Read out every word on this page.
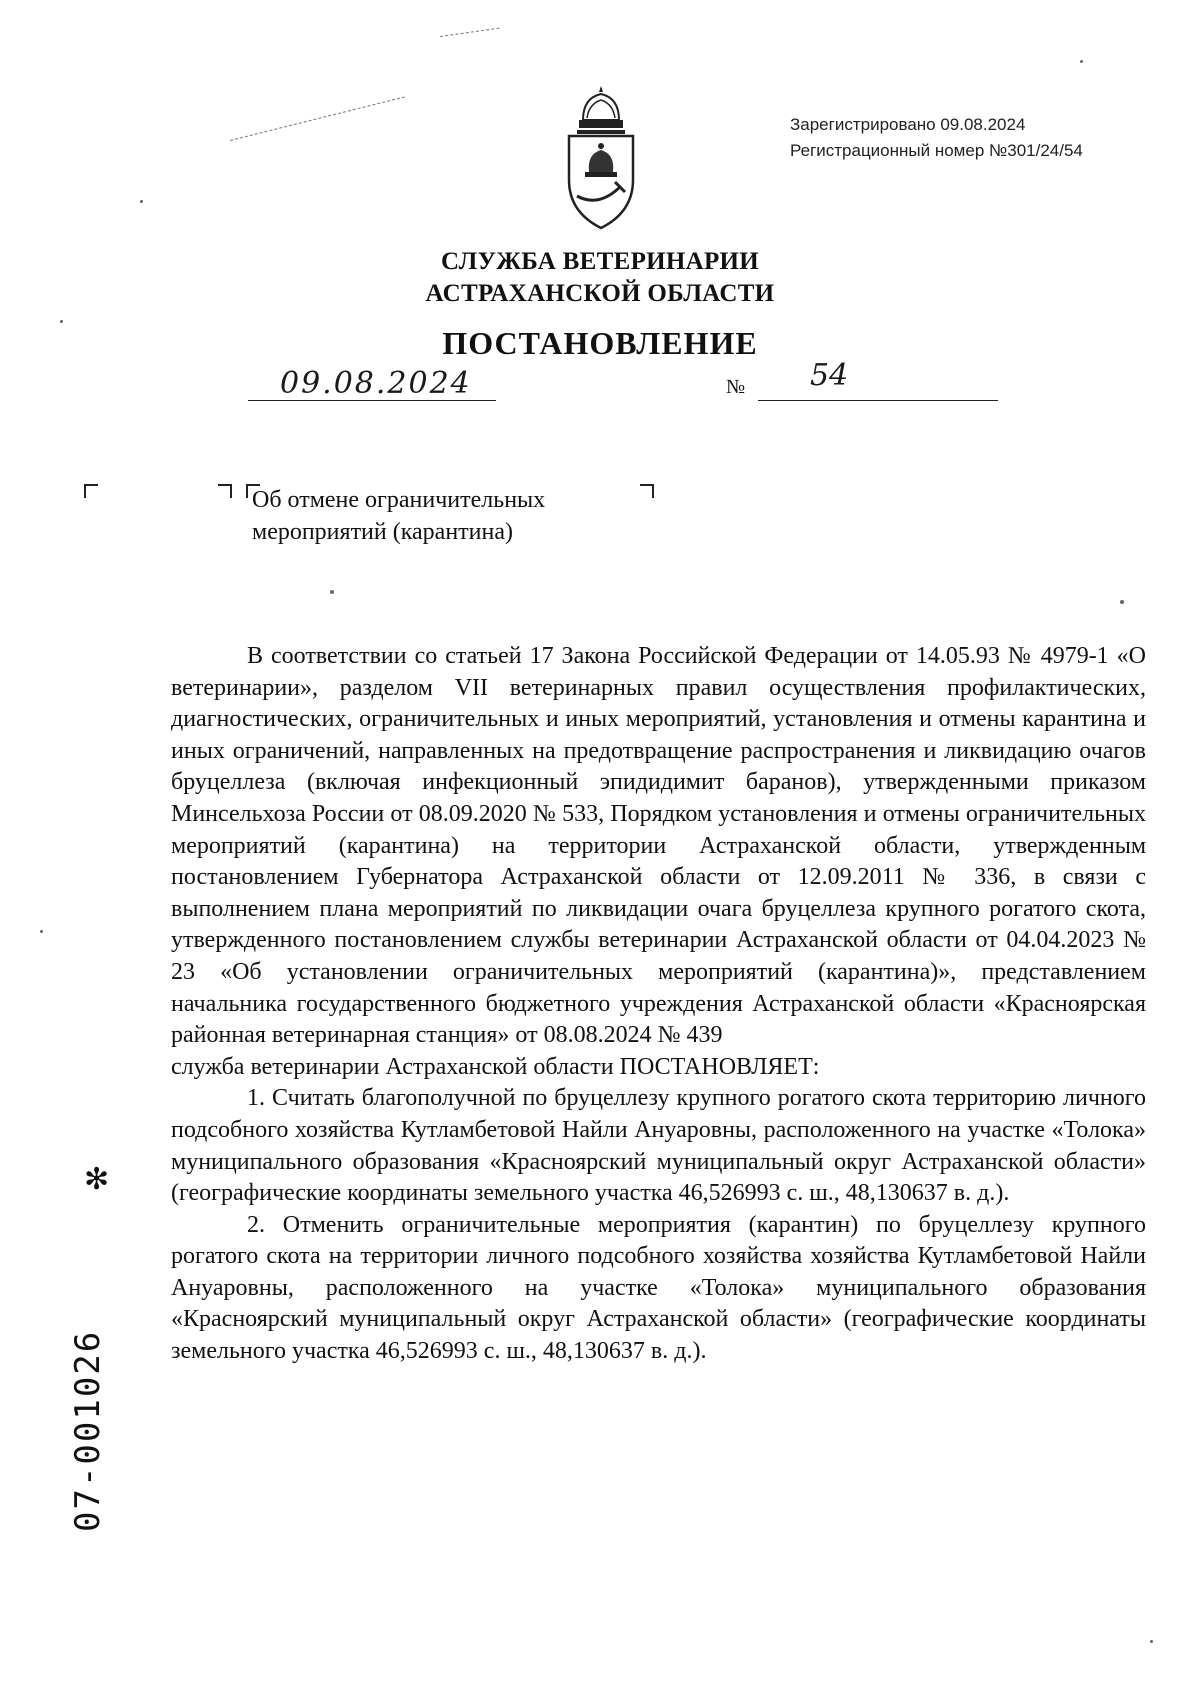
Зарегистрировано 09.08.2024
Регистрационный номер №301/24/54
СЛУЖБА ВЕТЕРИНАРИИ
АСТРАХАНСКОЙ ОБЛАСТИ
ПОСТАНОВЛЕНИЕ
09.08.2024	№ 54
Об отмене ограничительных
мероприятий (карантина)

В соответствии со статьей 17 Закона Российской Федерации от 14.05.93 № 4979-1 «О ветеринарии», разделом VII ветеринарных правил осуществления профилактических, диагностических, ограничительных и иных мероприятий, установления и отмены карантина и иных ограничений, направленных на предотвращение распространения и ликвидацию очагов бруцеллеза (включая инфекционный эпидидимит баранов), утвержденными приказом Минсельхоза России от 08.09.2020 № 533, Порядком установления и отмены ограничительных мероприятий (карантина) на территории Астраханской области, утвержденным постановлением Губернатора Астраханской области от 12.09.2011 № 336, в связи с выполнением плана мероприятий по ликвидации очага бруцеллеза крупного рогатого скота, утвержденного постановлением службы ветеринарии Астраханской области от 04.04.2023 № 23 «Об установлении ограничительных мероприятий (карантина)», представлением начальника государственного бюджетного учреждения Астраханской области «Красноярская районная ветеринарная станция» от 08.08.2024 № 439

служба ветеринарии Астраханской области ПОСТАНОВЛЯЕТ:

1. Считать благополучной по бруцеллезу крупного рогатого скота территорию личного подсобного хозяйства Кутламбетовой Найли Ануаровны, расположенного на участке «Толока» муниципального образования «Красноярский муниципальный округ Астраханской области» (географические координаты земельного участка 46,526993 с. ш., 48,130637 в. д.).

2. Отменить ограничительные мероприятия (карантин) по бруцеллезу крупного рогатого скота на территории личного подсобного хозяйства хозяйства Кутламбетовой Найли Ануаровны, расположенного на участке «Толока» муниципального образования «Красноярский муниципальный округ Астраханской области» (географические координаты земельного участка 46,526993 с. ш., 48,130637 в. д.).

✻
07-001026
